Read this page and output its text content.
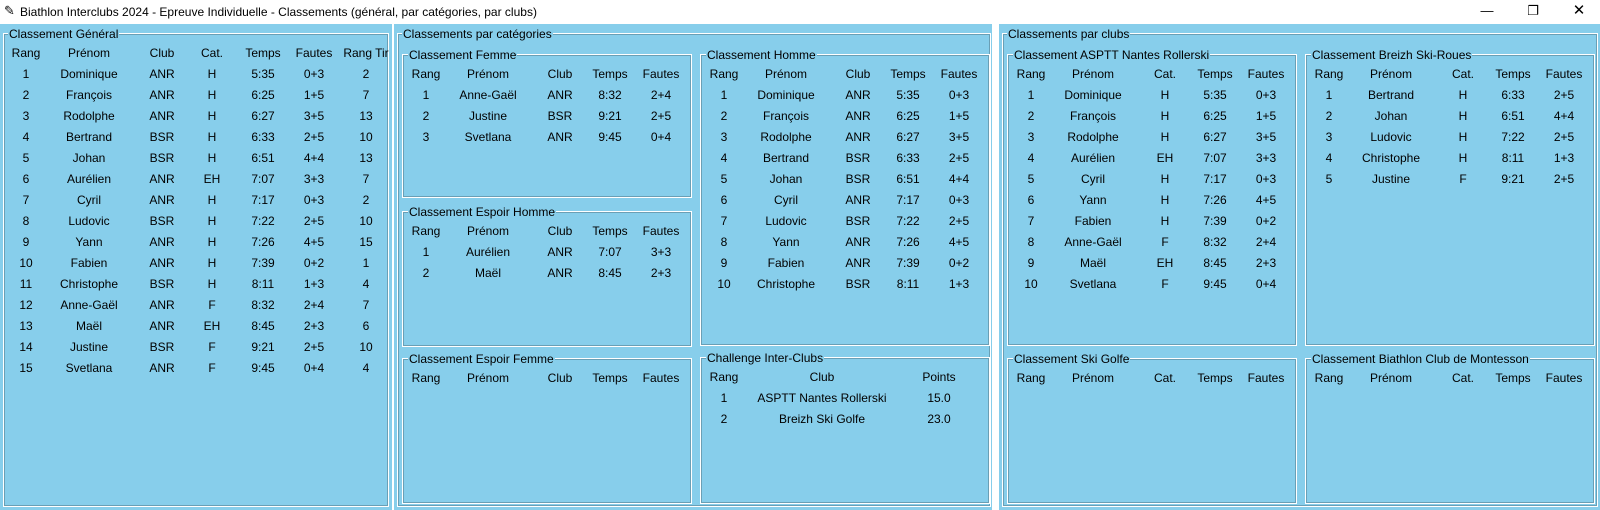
✎ Biathlon Interclubs 2024 - Epreuve Individuelle - Classements (général, par catégories, par clubs)	—	❐	✕
Classement Général
Rang	Prénom	Club	Cat.	Temps	Fautes	Rang Tir
1	Dominique	ANR	H	5:35	0+3	2
2	François	ANR	H	6:25	1+5	7
3	Rodolphe	ANR	H	6:27	3+5	13
4	Bertrand	BSR	H	6:33	2+5	10
5	Johan	BSR	H	6:51	4+4	13
6	Aurélien	ANR	EH	7:07	3+3	7
7	Cyril	ANR	H	7:17	0+3	2
8	Ludovic	BSR	H	7:22	2+5	10
9	Yann	ANR	H	7:26	4+5	15
10	Fabien	ANR	H	7:39	0+2	1
11	Christophe	BSR	H	8:11	1+3	4
12	Anne-Gaël	ANR	F	8:32	2+4	7
13	Maël	ANR	EH	8:45	2+3	6
14	Justine	BSR	F	9:21	2+5	10
15	Svetlana	ANR	F	9:45	0+4	4
Classements par catégories
Classement Femme
Rang	Prénom	Club	Temps	Fautes
1	Anne-Gaël	ANR	8:32	2+4
2	Justine	BSR	9:21	2+5
3	Svetlana	ANR	9:45	0+4
Classement Espoir Homme
Rang	Prénom	Club	Temps	Fautes
1	Aurélien	ANR	7:07	3+3
2	Maël	ANR	8:45	2+3
Classement Espoir Femme
Rang	Prénom	Club	Temps	Fautes
Classement Homme
Rang	Prénom	Club	Temps	Fautes
1	Dominique	ANR	5:35	0+3
2	François	ANR	6:25	1+5
3	Rodolphe	ANR	6:27	3+5
4	Bertrand	BSR	6:33	2+5
5	Johan	BSR	6:51	4+4
6	Cyril	ANR	7:17	0+3
7	Ludovic	BSR	7:22	2+5
8	Yann	ANR	7:26	4+5
9	Fabien	ANR	7:39	0+2
10	Christophe	BSR	8:11	1+3
Challenge Inter-Clubs
Rang	Club	Points
1	ASPTT Nantes Rollerski	15.0
2	Breizh Ski Golfe	23.0
Classements par clubs
Classement ASPTT Nantes Rollerski
Rang	Prénom	Cat.	Temps	Fautes
1	Dominique	H	5:35	0+3
2	François	H	6:25	1+5
3	Rodolphe	H	6:27	3+5
4	Aurélien	EH	7:07	3+3
5	Cyril	H	7:17	0+3
6	Yann	H	7:26	4+5
7	Fabien	H	7:39	0+2
8	Anne-Gaël	F	8:32	2+4
9	Maël	EH	8:45	2+3
10	Svetlana	F	9:45	0+4
Classement Breizh Ski-Roues
Rang	Prénom	Cat.	Temps	Fautes
1	Bertrand	H	6:33	2+5
2	Johan	H	6:51	4+4
3	Ludovic	H	7:22	2+5
4	Christophe	H	8:11	1+3
5	Justine	F	9:21	2+5
Classement Ski Golfe
Rang	Prénom	Cat.	Temps	Fautes
Classement Biathlon Club de Montesson
Rang	Prénom	Cat.	Temps	Fautes
